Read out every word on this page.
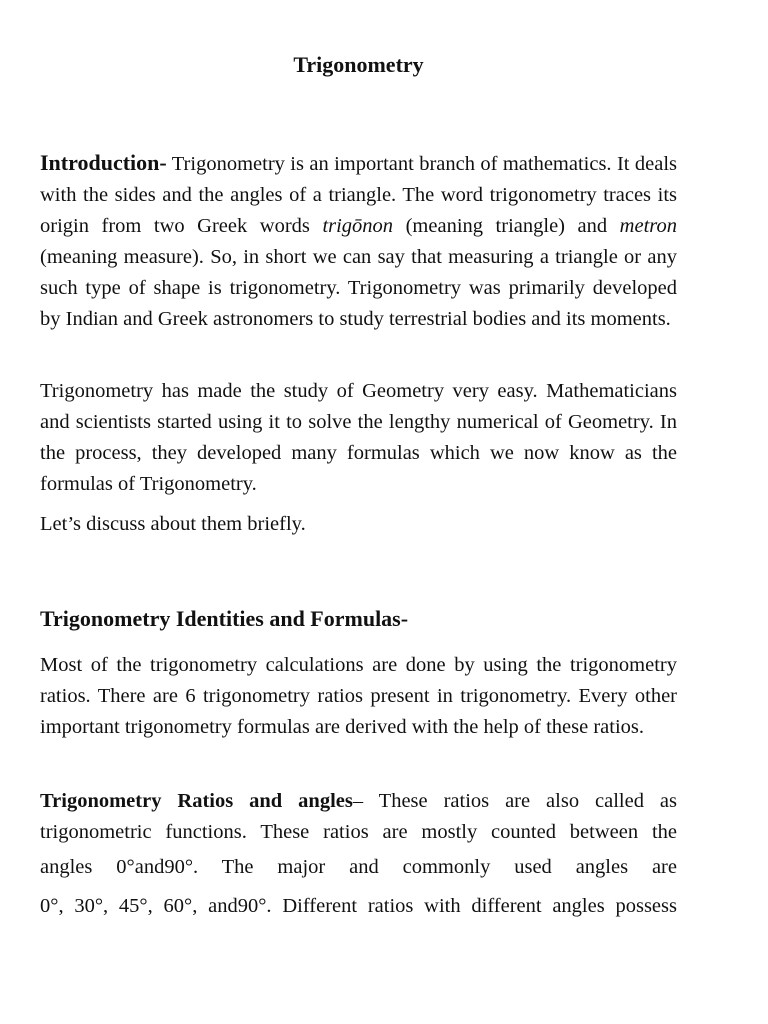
Trigonometry

Introduction- Trigonometry is an important branch of mathematics. It deals with the sides and the angles of a triangle. The word trigonometry traces its origin from two Greek words trigōnon (meaning triangle) and metron (meaning measure). So, in short we can say that measuring a triangle or any such type of shape is trigonometry. Trigonometry was primarily developed by Indian and Greek astronomers to study terrestrial bodies and its moments.

Trigonometry has made the study of Geometry very easy. Mathematicians and scientists started using it to solve the lengthy numerical of Geometry. In the process, they developed many formulas which we now know as the formulas of Trigonometry.

Let’s discuss about them briefly.

Trigonometry Identities and Formulas-

Most of the trigonometry calculations are done by using the trigonometry ratios. There are 6 trigonometry ratios present in trigonometry. Every other important trigonometry formulas are derived with the help of these ratios.

Trigonometry Ratios and angles– These ratios are also called as
trigonometric functions. These ratios are mostly counted between the
angles 0°and90°. The major and commonly used angles are
0°, 30°, 45°, 60°, and90°. Different ratios with different angles possess
